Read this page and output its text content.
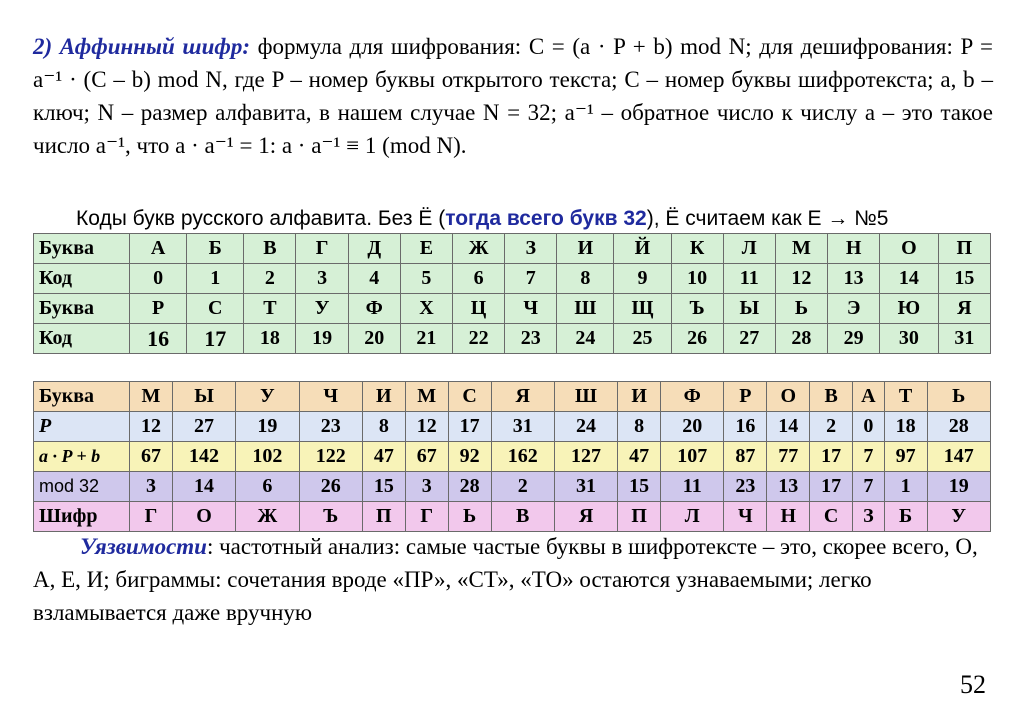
2) Аффинный шифр: формула для шифрования: C = (a · P + b) mod N; для дешифрования: P = a⁻¹ · (C – b) mod N, где P – номер буквы открытого текста; C – номер буквы шифротекста; a, b – ключ; N – размер алфавита, в нашем случае N = 32; a⁻¹ – обратное число к числу a – это такое число a⁻¹, что a · a⁻¹ = 1: a · a⁻¹ ≡ 1 (mod N).
Коды букв русского алфавита. Без Ё (тогда всего букв 32), Ё считаем как Е → №5
Буква	А	Б	В	Г	Д	Е	Ж	З	И	Й	К	Л	М	Н	О	П
Код	0	1	2	3	4	5	6	7	8	9	10	11	12	13	14	15
Буква	Р	С	Т	У	Ф	Х	Ц	Ч	Ш	Щ	Ъ	Ы	Ь	Э	Ю	Я
Код	16	17	18	19	20	21	22	23	24	25	26	27	28	29	30	31
Буква	М	Ы	У	Ч	И	М	С	Я	Ш	И	Ф	Р	О	В	А	Т	Ь
P	12	27	19	23	8	12	17	31	24	8	20	16	14	2	0	18	28
a · P + b	67	142	102	122	47	67	92	162	127	47	107	87	77	17	7	97	147
mod 32	3	14	6	26	15	3	28	2	31	15	11	23	13	17	7	1	19
Шифр	Г	О	Ж	Ъ	П	Г	Ь	В	Я	П	Л	Ч	Н	С	З	Б	У
Уязвимости: частотный анализ: самые частые буквы в шифротексте – это, скорее всего, О, А, Е, И; биграммы: сочетания вроде «ПР», «СТ», «ТО» остаются узнаваемыми; легко взламывается даже вручную
52
